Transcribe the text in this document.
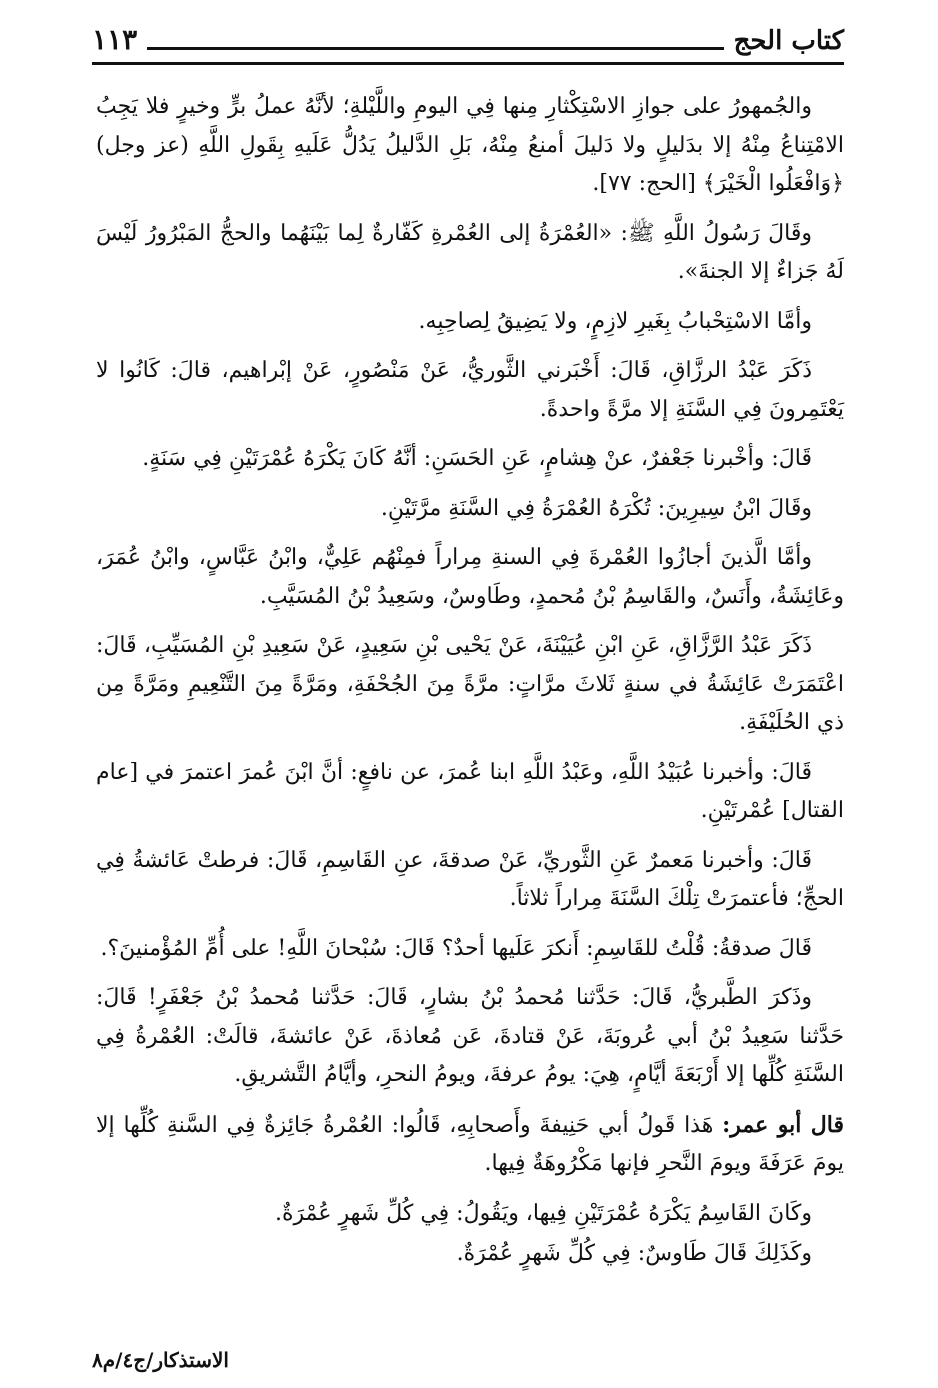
كتاب الحج
١١٣

والجُمهورُ على جوازِ الاسْتِكْثارِ مِنها فِي اليومِ واللَّيْلةِ؛ لأنَّهُ عملُ برٍّ وخيرٍ فلا يَجِبُ الامْتِناعُ مِنْهُ إلا بدَليلٍ ولا دَليلَ أمنعُ مِنْهُ، بَلِ الدَّليلُ يَدُلُّ عَلَيهِ بِقَولِ اللَّهِ (عز وجل) ﴿وَافْعَلُوا الْخَيْرَ﴾ [الحج: ٧٧].

وقَالَ رَسُولُ اللَّهِ ﷺ: «العُمْرَةُ إلى العُمْرةِ كَفّارةٌ لِما بَيْنَهُما والحجُّ المَبْرُورُ لَيْسَ لَهُ جَزاءٌ إلا الجنةَ».

وأمَّا الاسْتِحْبابُ بِغَيرِ لازِمٍ، ولا يَضِيقُ لِصاحِبِه.

ذَكَرَ عَبْدُ الرزَّاقِ، قَالَ: أَخْبَرني الثَّوريُّ، عَنْ مَنْصُورٍ، عَنْ إبْراهيم، قالَ: كَانُوا لا يَعْتَمِرونَ فِي السَّنَةِ إلا مرَّةً واحدةً.

قَالَ: وأخْبرنا جَعْفرٌ، عنْ هِشامٍ، عَنِ الحَسَنِ: أنَّهُ كَانَ يَكْرَهُ عُمْرَتَيْنِ فِي سَنَةٍ.

وقَالَ ابْنُ سِيرِينَ: تُكْرَهُ العُمْرَةُ فِي السَّنَةِ مرَّتَيْنِ.

وأمَّا الَّذينَ أجازُوا العُمْرةَ فِي السنةِ مِراراً فمِنْهُم عَلِيٌّ، وابْنُ عَبَّاسٍ، وابْنُ عُمَرَ، وعَائِشَةُ، وأَنَسٌ، والقَاسِمُ بْنُ مُحمدٍ، وطَاوسٌ، وسَعِيدُ بْنُ المُسَيَّبِ.

ذَكَرَ عَبْدُ الرَّزَّاقِ، عَنِ ابْنِ عُيَيْنَةَ، عَنْ يَحْيى بْنِ سَعِيدٍ، عَنْ سَعِيدِ بْنِ المُسَيِّبِ، قَالَ: اعْتَمَرَتْ عَائِشَةُ في سنةٍ ثَلاثَ مرَّاتٍ: مرَّةً مِنَ الجُحْفَةِ، ومَرَّةً مِنَ التَّنْعِيمِ ومَرَّةً مِن ذي الحُلَيْفَةِ.

قَالَ: وأخبرنا عُبَيْدُ اللَّهِ، وعَبْدُ اللَّهِ ابنا عُمرَ، عن نافعٍ: أنَّ ابْنَ عُمرَ اعتمرَ في [عام القتال] عُمْرتَيْنِ.

قَالَ: وأخبرنا مَعمرٌ عَنِ الثَّوريِّ، عَنْ صدقةَ، عنِ القَاسِمِ، قَالَ: فرطتْ عَائشةُ فِي الحجِّ؛ فأعتمرَتْ تِلْكَ السَّنَةَ مِراراً ثلاثاً.

قَالَ صدقةُ: قُلْتُ للقَاسِمِ: أَنكرَ عَلَيها أحدٌ؟ قَالَ: سُبْحانَ اللَّهِ! على أُمِّ المُؤْمنينَ؟.

وذَكرَ الطَّبريُّ، قَالَ: حَدَّثنا مُحمدُ بْنُ بشارٍ، قَالَ: حَدَّثنا مُحمدُ بْنُ جَعْفَرٍ! قَالَ: حَدَّثنا سَعِيدُ بْنُ أبي عُروبَةَ، عَنْ قتادةَ، عَن مُعاذةَ، عَنْ عائشةَ، قالَتْ: العُمْرةُ فِي السَّنَةِ كُلِّها إلا أَرْبَعَةَ أيَّامٍ، هِيَ: يومُ عرفةَ، ويومُ النحرِ، وأيَّامُ التَّشريقِ.

قال أبو عمر: هَذا قَولُ أبي حَنِيفةَ وأَصحابِهِ، قَالُوا: العُمْرةُ جَائِزةٌ فِي السَّنةِ كُلِّها إلا يومَ عَرَفَةَ ويومَ النَّحرِ فإنها مَكْرُوهَةٌ فِيها.

وكَانَ القَاسِمُ يَكْرَهُ عُمْرَتَيْنِ فِيها، ويَقُولُ: فِي كُلِّ شَهرٍ عُمْرَةٌ.

وكَذَلِكَ قَالَ طَاوسٌ: فِي كُلِّ شَهرٍ عُمْرَةٌ.

الاستذكار/ج٤/م٨
